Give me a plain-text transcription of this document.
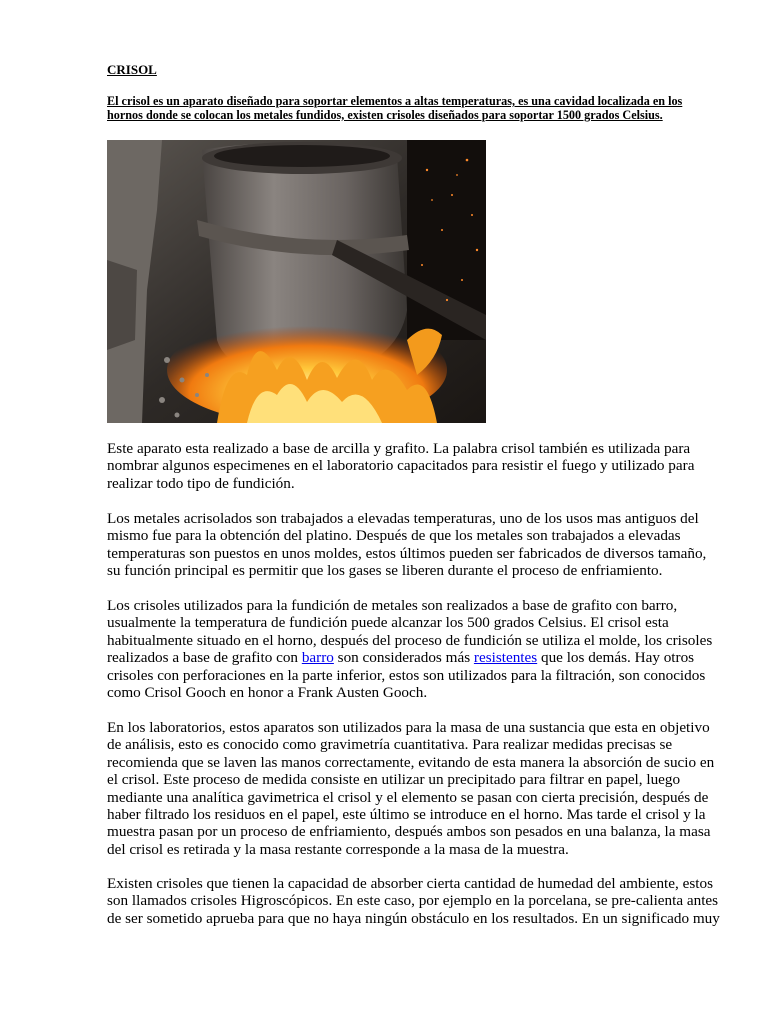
CRISOL
El crisol es un aparato diseñado para soportar elementos a altas temperaturas, es una cavidad localizada en los hornos donde se colocan los metales fundidos, existen crisoles diseñados para soportar 1500 grados Celsius.

Este aparato esta realizado a base de arcilla y grafito. La palabra crisol también es utilizada para nombrar algunos especimenes en el laboratorio capacitados para resistir el fuego y utilizado para realizar todo tipo de fundición.

Los metales acrisolados son trabajados a elevadas temperaturas, uno de los usos mas antiguos del mismo fue para la obtención del platino. Después de que los metales son trabajados a elevadas temperaturas son puestos en unos moldes, estos últimos pueden ser fabricados de diversos tamaño, su función principal es permitir que los gases se liberen durante el proceso de enfriamiento.

Los crisoles utilizados para la fundición de metales son realizados a base de grafito con barro, usualmente la temperatura de fundición puede alcanzar los 500 grados Celsius. El crisol esta habitualmente situado en el horno, después del proceso de fundición se utiliza el molde, los crisoles realizados a base de grafito con barro son considerados más resistentes que los demás. Hay otros crisoles con perforaciones en la parte inferior, estos son utilizados para la filtración, son conocidos como Crisol Gooch en honor a Frank Austen Gooch.

En los laboratorios, estos aparatos son utilizados para la masa de una sustancia que esta en objetivo de análisis, esto es conocido como gravimetría cuantitativa. Para realizar medidas precisas se recomienda que se laven las manos correctamente, evitando de esta manera la absorción de sucio en el crisol. Este proceso de medida consiste en utilizar un precipitado para filtrar en papel, luego mediante una analítica gavimetrica el crisol y el elemento se pasan con cierta precisión, después de haber filtrado los residuos en el papel, este último se introduce en el horno. Mas tarde el crisol y la muestra pasan por un proceso de enfriamiento, después ambos son pesados en una balanza, la masa del crisol es retirada y la masa restante corresponde a la masa de la muestra.

Existen crisoles que tienen la capacidad de absorber cierta cantidad de humedad del ambiente, estos son llamados crisoles Higroscópicos. En este caso, por ejemplo en la porcelana, se pre-calienta antes de ser sometido aprueba para que no haya ningún obstáculo en los resultados. En un significado muy
